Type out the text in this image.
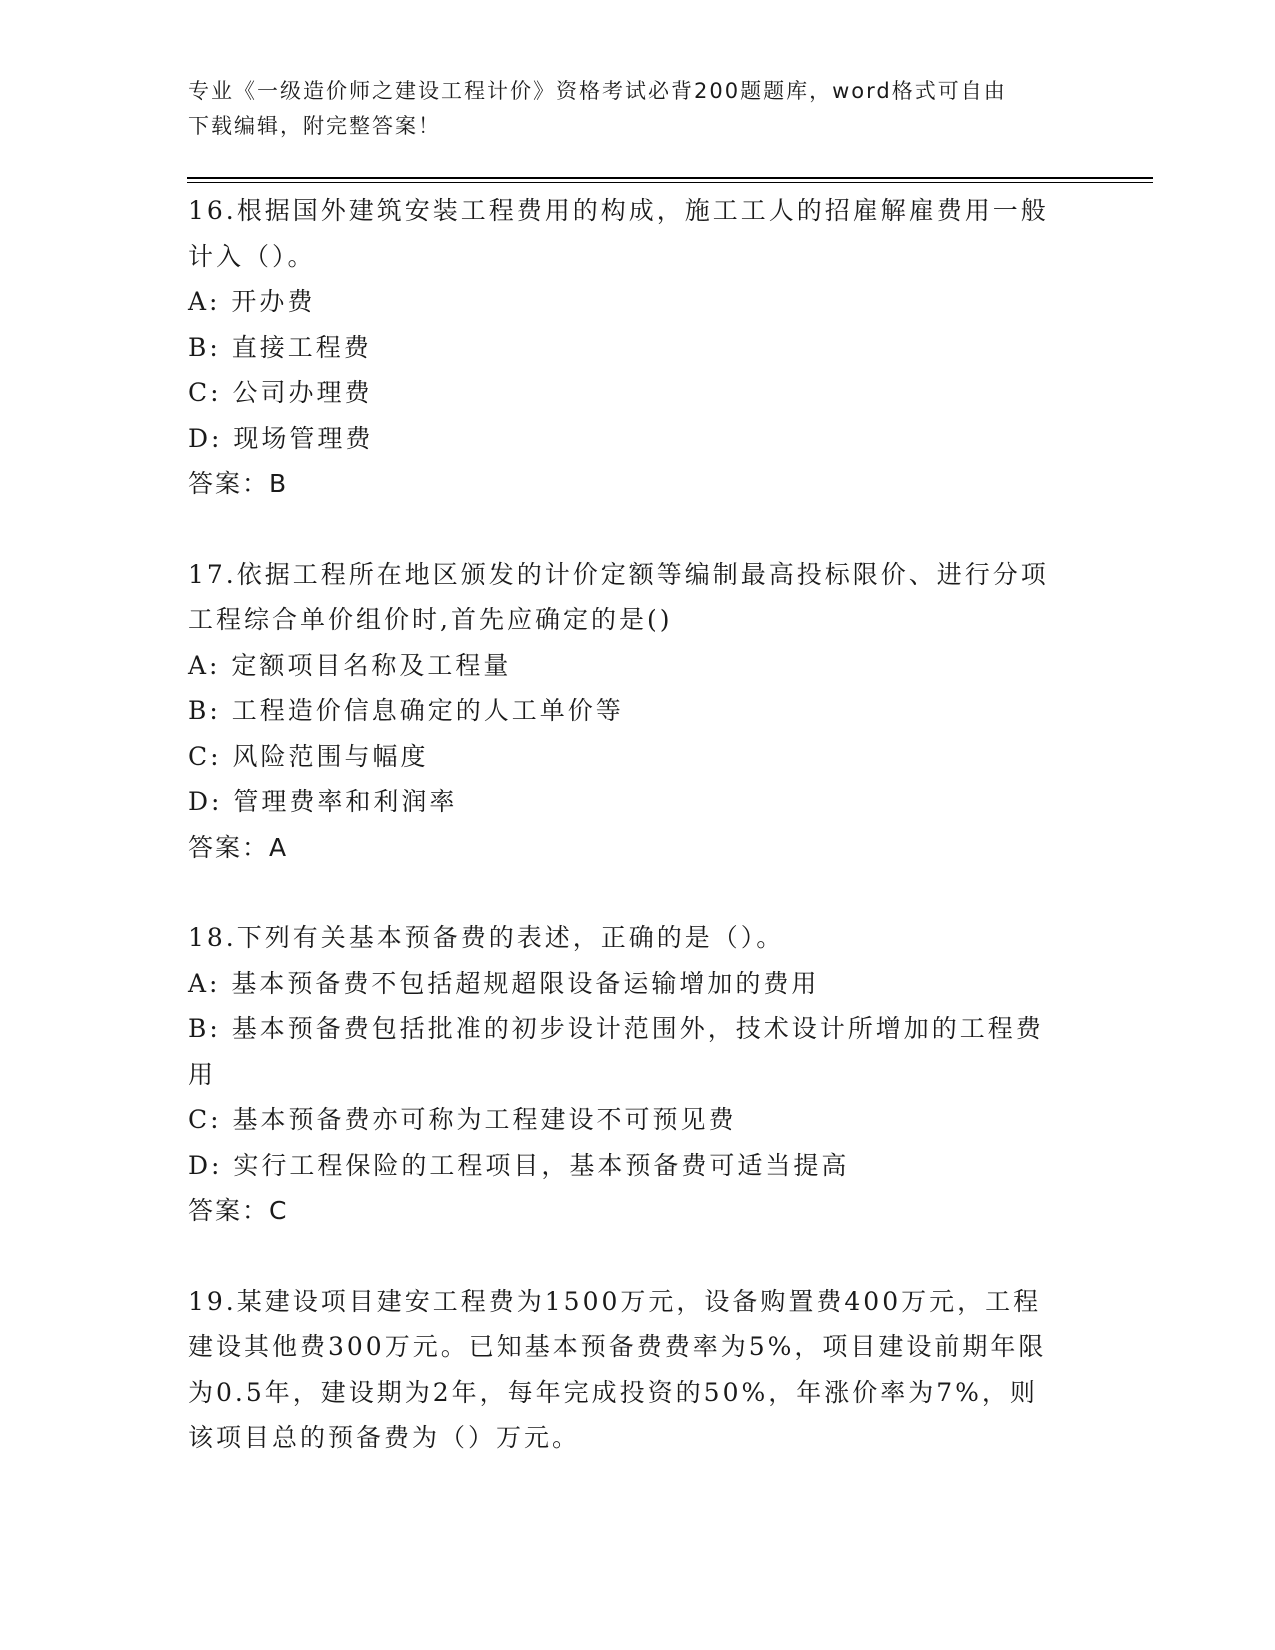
专业《一级造价师之建设工程计价》资格考试必背200题题库，word格式可自由
下载编辑，附完整答案！

16.根据国外建筑安装工程费用的构成，施工工人的招雇解雇费用一般

计入（）。

A: 开办费

B: 直接工程费

C: 公司办理费

D: 现场管理费

答案：B

17.依据工程所在地区颁发的计价定额等编制最高投标限价、进行分项

工程综合单价组价时,首先应确定的是()

A: 定额项目名称及工程量

B: 工程造价信息确定的人工单价等

C: 风险范围与幅度

D: 管理费率和利润率

答案：A

18.下列有关基本预备费的表述，正确的是（）。

A: 基本预备费不包括超规超限设备运输增加的费用

B: 基本预备费包括批准的初步设计范围外，技术设计所增加的工程费

用

C: 基本预备费亦可称为工程建设不可预见费

D: 实行工程保险的工程项目，基本预备费可适当提高

答案：C

19.某建设项目建安工程费为1500万元，设备购置费400万元，工程

建设其他费300万元。已知基本预备费费率为5%，项目建设前期年限

为0.5年，建设期为2年，每年完成投资的50%，年涨价率为7%，则

该项目总的预备费为（）万元。
